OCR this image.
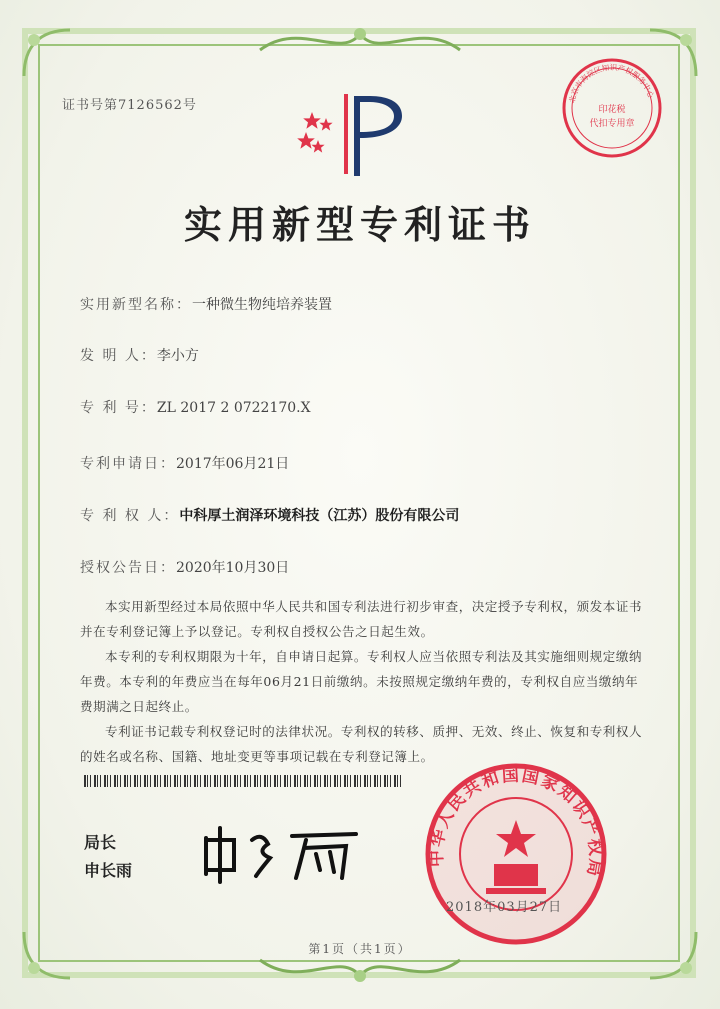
证书号第7126562号	北京市海淀区知识产权服务中心
印花税
代扣专用章
实用新型专利证书
实用新型名称：一种微生物纯培养装置
发 明 人：李小方
专 利 号：ZL 2017 2 0722170.X
专利申请日：2017年06月21日
专 利 权 人：中科厚土润泽环境科技（江苏）股份有限公司
授权公告日：2020年10月30日

本实用新型经过本局依照中华人民共和国专利法进行初步审查，决定授予专利权，颁发本证书并在专利登记簿上予以登记。专利权自授权公告之日起生效。

本专利的专利权期限为十年，自申请日起算。专利权人应当依照专利法及其实施细则规定缴纳年费。本专利的年费应当在每年06月21日前缴纳。未按照规定缴纳年费的，专利权自应当缴纳年费期满之日起终止。

专利证书记载专利权登记时的法律状况。专利权的转移、质押、无效、终止、恢复和专利权人的姓名或名称、国籍、地址变更等事项记载在专利登记簿上。

局长
申长雨
中华人民共和国国家知识产权局
2018年03月27日
第1页（共1页）
